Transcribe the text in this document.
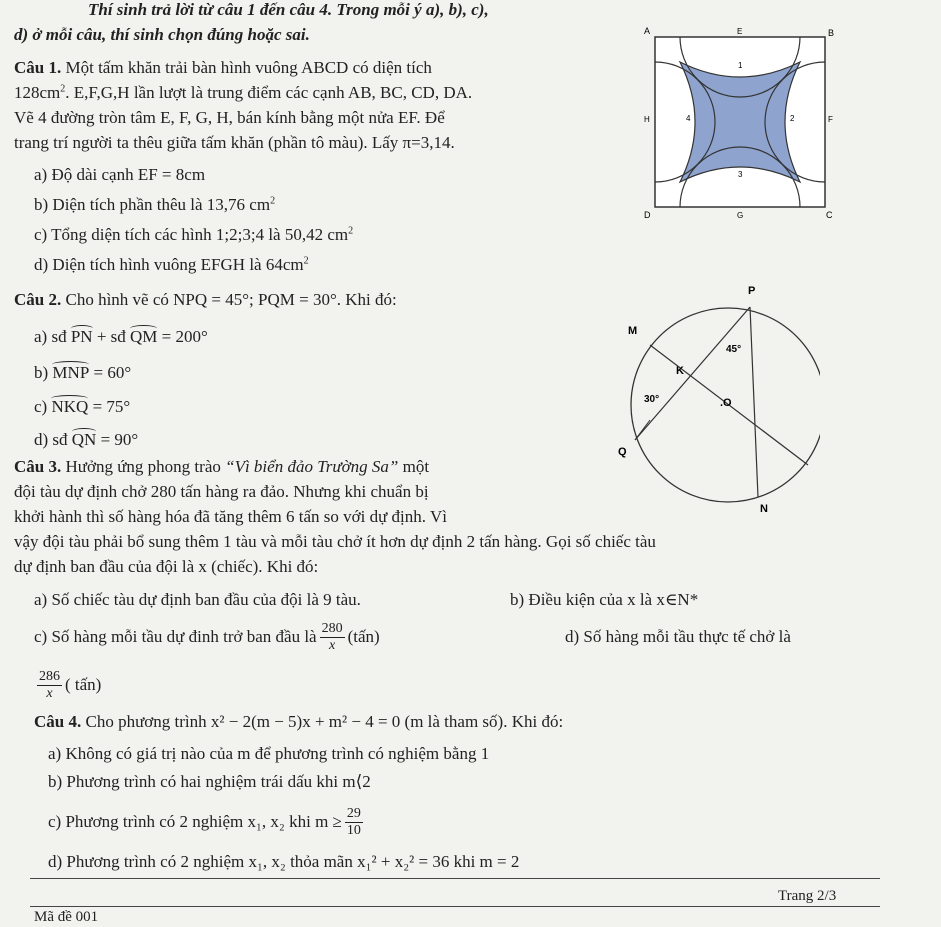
Thí sinh trả lời từ câu 1 đến câu 4. Trong mỗi ý a), b), c),
d) ở mỗi câu, thí sinh chọn đúng hoặc sai.
Câu 1. Một tấm khăn trải bàn hình vuông ABCD có diện tích
$128cm^2$. E,F,G,H lần lượt là trung điểm các cạnh AB, BC, CD, DA.
Vẽ 4 đường tròn tâm E, F, G, H, bán kính bằng một nửa EF. Để
trang trí người ta thêu giữa tấm khăn (phần tô màu). Lấy π=3,14.
a) Độ dài cạnh EF = 8cm
b) Diện tích phần thêu là 13,76 $cm^2$
c) Tổng diện tích các hình 1;2;3;4 là 50,42 $cm^2$
d) Diện tích hình vuông EFGH là $64cm^2$
A	B
C
D
E
F
G
H
1
2
3
4
Câu 2. Cho hình vẽ có NPQ = 45°; PQM = 30°. Khi đó:
a) sđ PN + sđ QM = 200°
b) MNP = 60°
c) NKQ = 75°
d) sđ QN = 90°
P
M
K
.O
Q
N
45°
30°
Câu 3. Hưởng ứng phong trào “Vì biển đảo Trường Sa” một
đội tàu dự định chở 280 tấn hàng ra đảo. Nhưng khi chuẩn bị
khởi hành thì số hàng hóa đã tăng thêm 6 tấn so với dự định. Vì
vậy đội tàu phải bổ sung thêm 1 tàu và mỗi tàu chở ít hơn dự định 2 tấn hàng. Gọi số chiếc tàu
dự định ban đầu của đội là x (chiếc). Khi đó:
a) Số chiếc tàu dự định ban đầu của đội là 9 tàu.	b) Điều kiện của x là x∈N*
c) Số hàng mỗi tầu dự đinh trở ban đầu là $\frac{280}{x}$ (tấn)	d) Số hàng mỗi tầu thực tế chở là
$\frac{286}{x}$ ( tấn)
Câu 4. Cho phương trình x² − 2(m − 5)x + m² − 4 = 0 (m là tham số). Khi đó:
a) Không có giá trị nào của m để phương trình có nghiệm bằng 1
b) Phương trình có hai nghiệm trái dấu khi m⟨2
c) Phương trình có 2 nghiệm x₁, x₂ khi $m \ge \frac{29}{10}$
d) Phương trình có 2 nghiệm x₁, x₂ thỏa mãn x₁² + x₂² = 36 khi m = 2
Trang 2/3
Mã đề 001
